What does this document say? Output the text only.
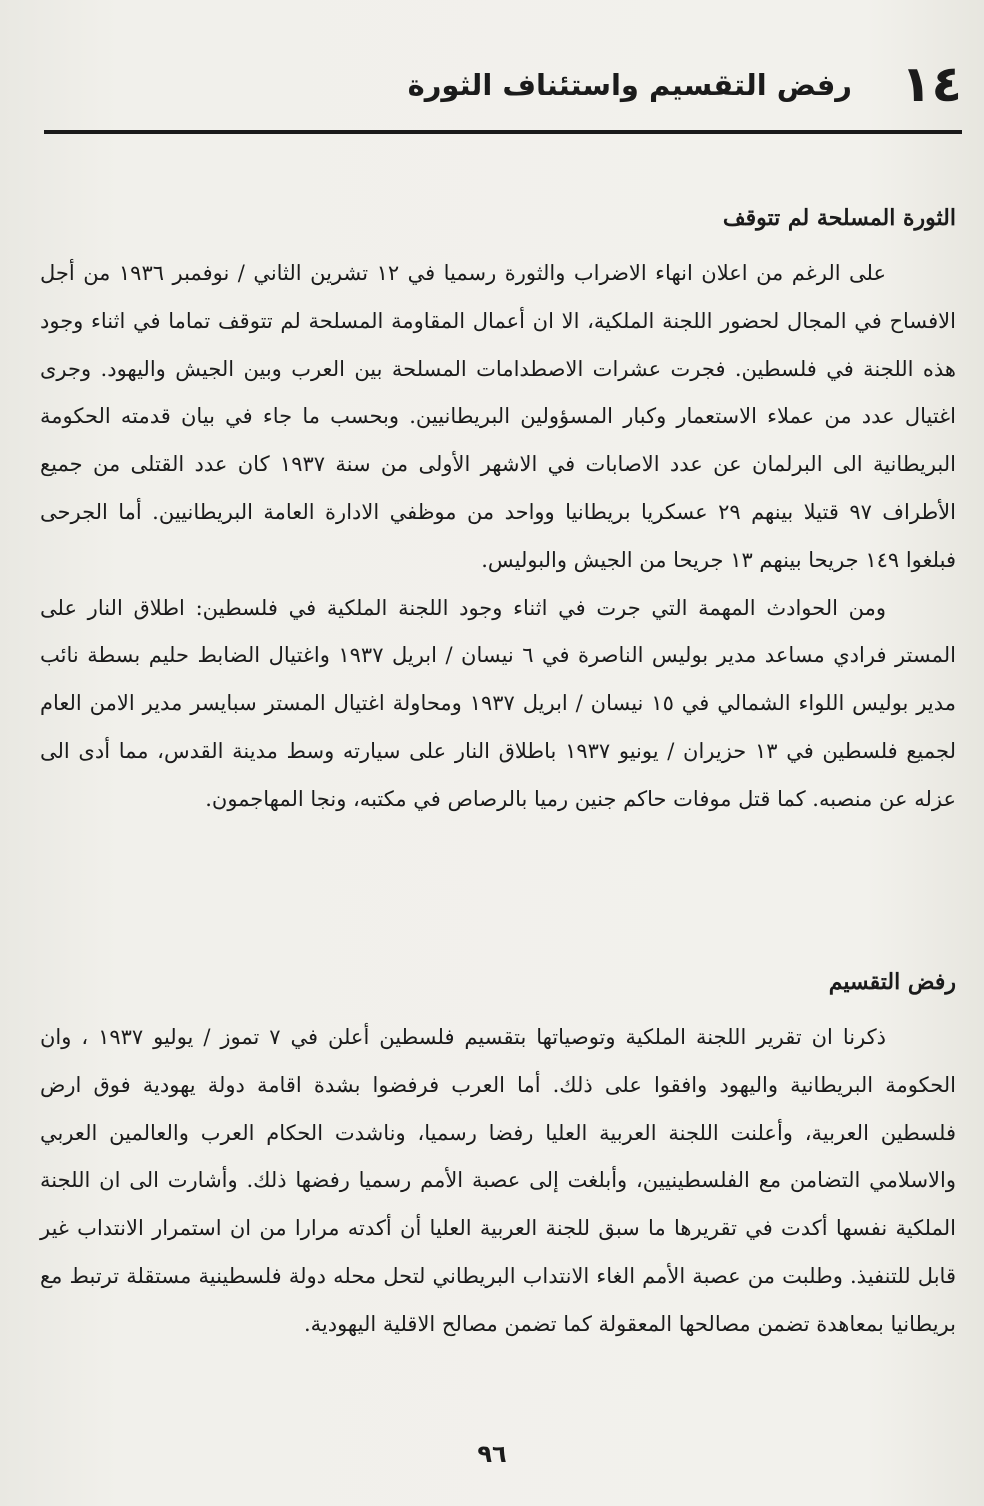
١٤
رفض التقسيم واستئناف الثورة
الثورة المسلحة لم تتوقف

على الرغم من اعلان انهاء الاضراب والثورة رسميا في ١٢ تشرين الثاني / نوفمبر ١٩٣٦ من أجل الافساح في المجال لحضور اللجنة الملكية، الا ان أعمال المقاومة المسلحة لم تتوقف تماما في اثناء وجود هذه اللجنة في فلسطين. فجرت عشرات الاصطدامات المسلحة بين العرب وبين الجيش واليهود. وجرى اغتيال عدد من عملاء الاستعمار وكبار المسؤولين البريطانيين. وبحسب ما جاء في بيان قدمته الحكومة البريطانية الى البرلمان عن عدد الاصابات في الاشهر الأولى من سنة ١٩٣٧ كان عدد القتلى من جميع الأطراف ٩٧ قتيلا بينهم ٢٩ عسكريا بريطانيا وواحد من موظفي الادارة العامة البريطانيين. أما الجرحى فبلغوا ١٤٩ جريحا بينهم ١٣ جريحا من الجيش والبوليس.

ومن الحوادث المهمة التي جرت في اثناء وجود اللجنة الملكية في فلسطين: اطلاق النار على المستر فرادي مساعد مدير بوليس الناصرة في ٦ نيسان / ابريل ١٩٣٧ واغتيال الضابط حليم بسطة نائب مدير بوليس اللواء الشمالي في ١٥ نيسان / ابريل ١٩٣٧ ومحاولة اغتيال المستر سبايسر مدير الامن العام لجميع فلسطين في ١٣ حزيران / يونيو ١٩٣٧ باطلاق النار على سيارته وسط مدينة القدس، مما أدى الى عزله عن منصبه. كما قتل موفات حاكم جنين رميا بالرصاص في مكتبه، ونجا المهاجمون.

رفض التقسيم

ذكرنا ان تقرير اللجنة الملكية وتوصياتها بتقسيم فلسطين أعلن في ٧ تموز / يوليو ١٩٣٧ ، وان الحكومة البريطانية واليهود وافقوا على ذلك. أما العرب فرفضوا بشدة اقامة دولة يهودية فوق ارض فلسطين العربية، وأعلنت اللجنة العربية العليا رفضا رسميا، وناشدت الحكام العرب والعالمين العربي والاسلامي التضامن مع الفلسطينيين، وأبلغت إلى عصبة الأمم رسميا رفضها ذلك. وأشارت الى ان اللجنة الملكية نفسها أكدت في تقريرها ما سبق للجنة العربية العليا أن أكدته مرارا من ان استمرار الانتداب غير قابل للتنفيذ. وطلبت من عصبة الأمم الغاء الانتداب البريطاني لتحل محله دولة فلسطينية مستقلة ترتبط مع بريطانيا بمعاهدة تضمن مصالحها المعقولة كما تضمن مصالح الاقلية اليهودية.

٩٦
